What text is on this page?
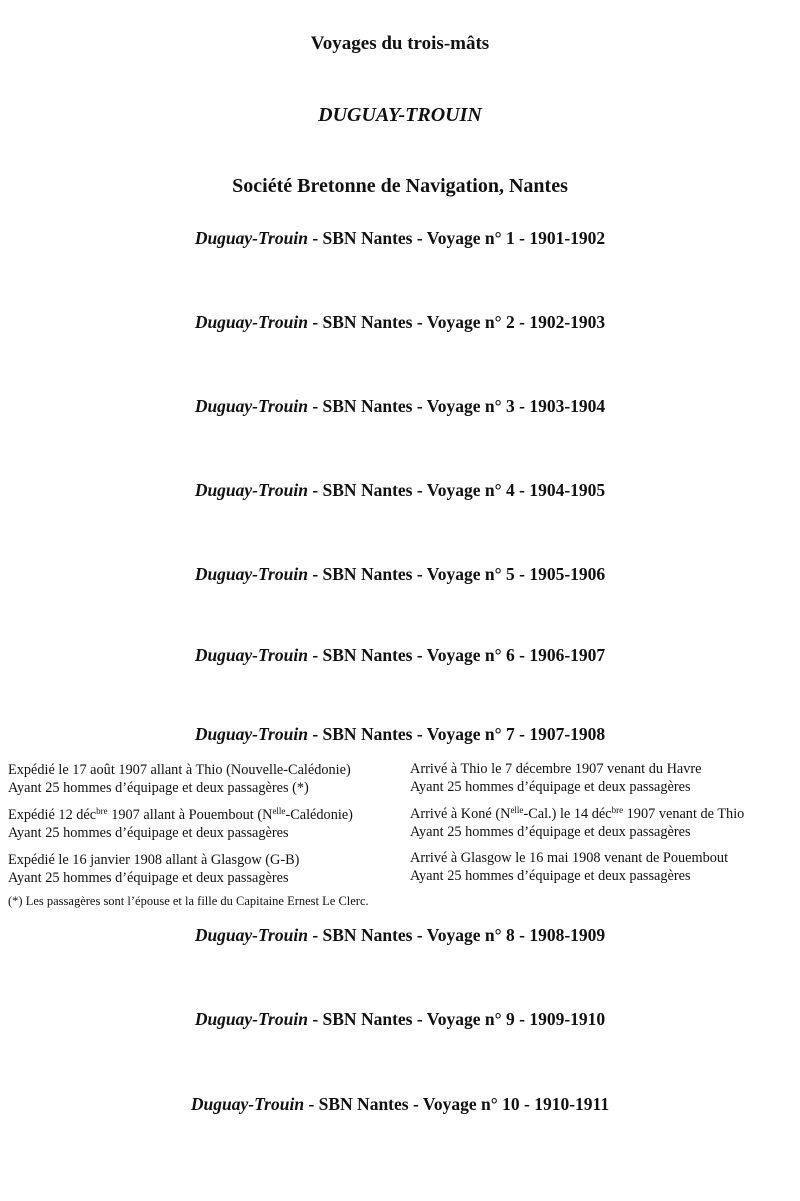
Voyages du trois-mâts
DUGUAY-TROUIN
Société Bretonne de Navigation, Nantes
Duguay-Trouin - SBN Nantes - Voyage n° 1 - 1901-1902
Duguay-Trouin - SBN Nantes - Voyage n° 2 - 1902-1903
Duguay-Trouin - SBN Nantes - Voyage n° 3 - 1903-1904
Duguay-Trouin - SBN Nantes - Voyage n° 4 - 1904-1905
Duguay-Trouin - SBN Nantes - Voyage n° 5 - 1905-1906
Duguay-Trouin - SBN Nantes - Voyage n° 6 - 1906-1907
Duguay-Trouin - SBN Nantes - Voyage n° 7 - 1907-1908
Expédié le 17 août 1907 allant à Thio (Nouvelle-Calédonie)
Ayant 25 hommes d’équipage et deux passagères (*)
Arrivé à Thio le 7 décembre 1907 venant du Havre
Ayant 25 hommes d’équipage et deux passagères
Expédié 12 déc$^{bre}$ 1907 allant à Pouembout $(N^{elle}-Calédonie)$
Ayant 25 hommes d’équipage et deux passagères
Arrivé à Koné $(N^{elle}-Cal.)$ le 14 déc$^{bre}$ 1907 venant de Thio
Ayant 25 hommes d’équipage et deux passagères
Expédié le 16 janvier 1908 allant à Glasgow (G-B)
Ayant 25 hommes d’équipage et deux passagères
Arrivé à Glasgow le 16 mai 1908 venant de Pouembout
Ayant 25 hommes d’équipage et deux passagères
(*) Les passagères sont l’épouse et la fille du Capitaine Ernest Le Clerc.
Duguay-Trouin - SBN Nantes - Voyage n° 8 - 1908-1909
Duguay-Trouin - SBN Nantes - Voyage n° 9 - 1909-1910
Duguay-Trouin - SBN Nantes - Voyage n° 10 - 1910-1911
